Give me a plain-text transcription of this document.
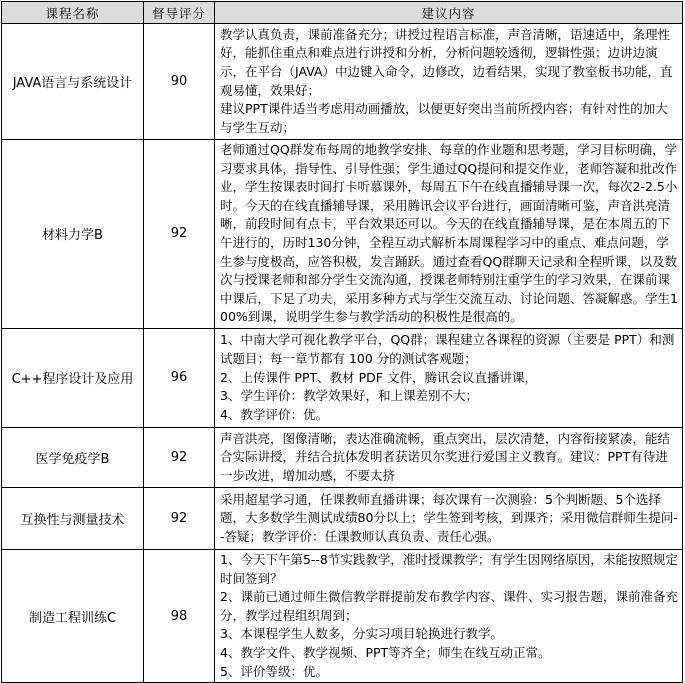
课程名称	督导评分	建议内容
JAVA语言与系统设计	90	教学认真负责，课前准备充分；讲授过程语言标准，声音清晰，语速适中，条理性好，能抓住重点和难点进行讲授和分析，分析问题较透彻，逻辑性强；边讲边演示，在平台（JAVA）中边键入命令，边修改，边看结果，实现了教室板书功能，直观易懂，效果好；
建议PPT课件适当考虑用动画播放，以便更好突出当前所授内容；有针对性的加大与学生互动；
材料力学B	92	老师通过QQ群发布每周的地教学安排、每章的作业题和思考题，学习目标明确，学习要求具体，指导性、引导性强；学生通过QQ提问和提交作业，老师答凝和批改作业，学生按课表时间打卡听慕课外，每周五下午在线直播辅导课一次，每次2-2.5小时。今天的在线直播辅导课，采用腾讯会议平台进行，画面清晰可鉴，声音洪亮清晰，前段时间有点卡，平台效果还可以。今天的在线直播辅导课，是在本周五的下午进行的，历时130分钟，全程互动式解析本周课程学习中的重点、难点问题，学生参与度极高，应答积极，发言踊跃。通过查看QQ群聊天记录和全程听课，以及数次与授课老师和部分学生交流沟通，授课老师特别注重学生的学习效果，在课前课中课后，下足了功夫，采用多种方式与学生交流互动、讨论问题、答凝解惑。学生100%到课，说明学生参与教学活动的积极性是很高的。
C++程序设计及应用	96	1、中南大学可视化教学平台，QQ群；课程建立各课程的资源（主要是 PPT）和测试题目；每一章节都有 100 分的测试客观题；
2、上传课件 PPT、教材 PDF 文件，腾讯会议直播讲课，
3、学生评价：教学效果好，和上课差别不大；
4、教学评价：优。
医学免疫学B	92	声音洪亮，图像清晰，表达准确流畅，重点突出，层次清楚，内容衔接紧凑，能结合实际讲授，并结合抗体发明者获诺贝尔奖进行爱国主义教育。建议：PPT有待进一步改进，增加动感，不要太挤
互换性与测量技术	92	采用超星学习通，任课教师直播讲课；每次课有一次测验：5个判断题、5个选择题，大多数学生测试成绩80分以上；学生签到考核，到课齐；采用微信群师生提问--答疑；教学评价：任课教师认真负责、责任心强。
制造工程训练C	98	1、今天下午第5--8节实践教学，准时授课教学；有学生因网络原因，未能按照规定时间签到？
2、课前已通过师生微信教学群提前发布教学内容、课件、实习报告题，课前准备充分，教学过程组织周到；
3、本课程学生人数多，分实习项目轮换进行教学。
4、教学文件、教学视频、PPT等齐全；师生在线互动正常。
5、评价等级：优。
